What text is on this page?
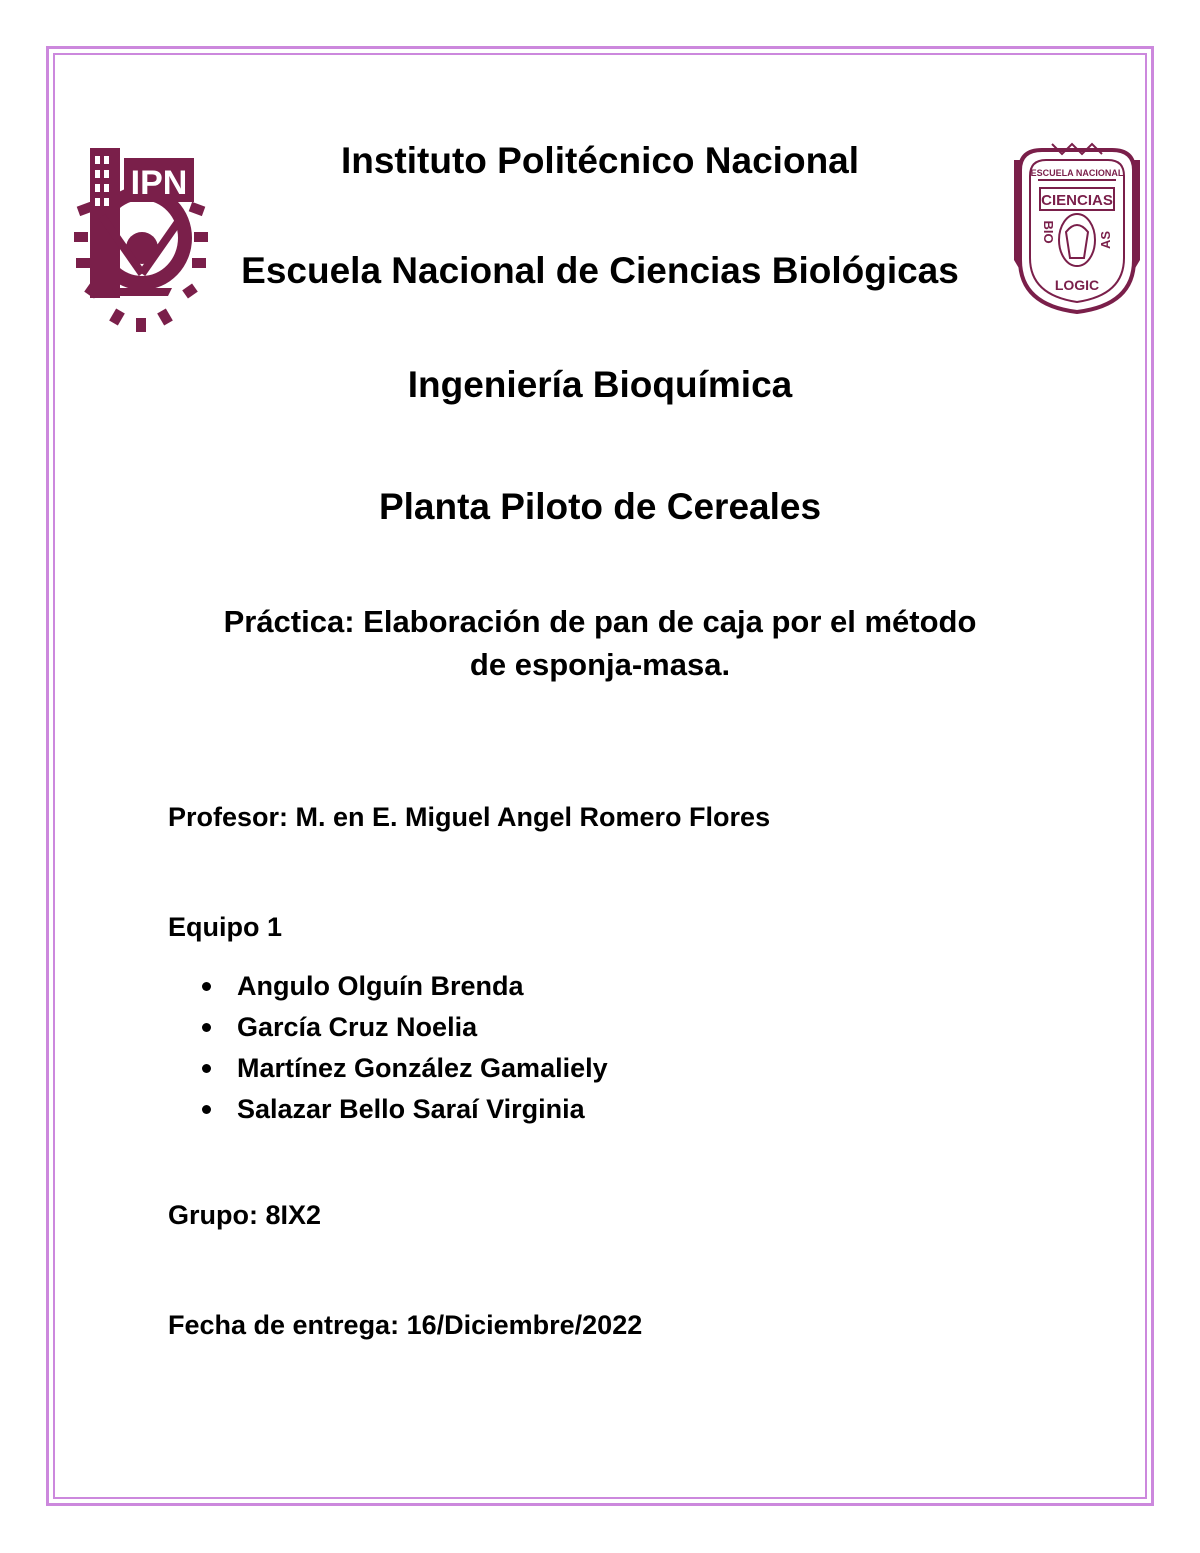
IPN	ESCUELA NACIONAL
CIENCIAS
BIO	AS
LOGIC

Instituto Politécnico Nacional

Escuela Nacional de Ciencias Biológicas

Ingeniería Bioquímica

Planta Piloto de Cereales

Práctica: Elaboración de pan de caja por el método
de esponja-masa.

Profesor: M. en E. Miguel Angel Romero Flores

Equipo 1

Angulo Olguín Brenda
García Cruz Noelia
Martínez González Gamaliely
Salazar Bello Saraí Virginia

Grupo: 8IX2

Fecha de entrega: 16/Diciembre/2022
